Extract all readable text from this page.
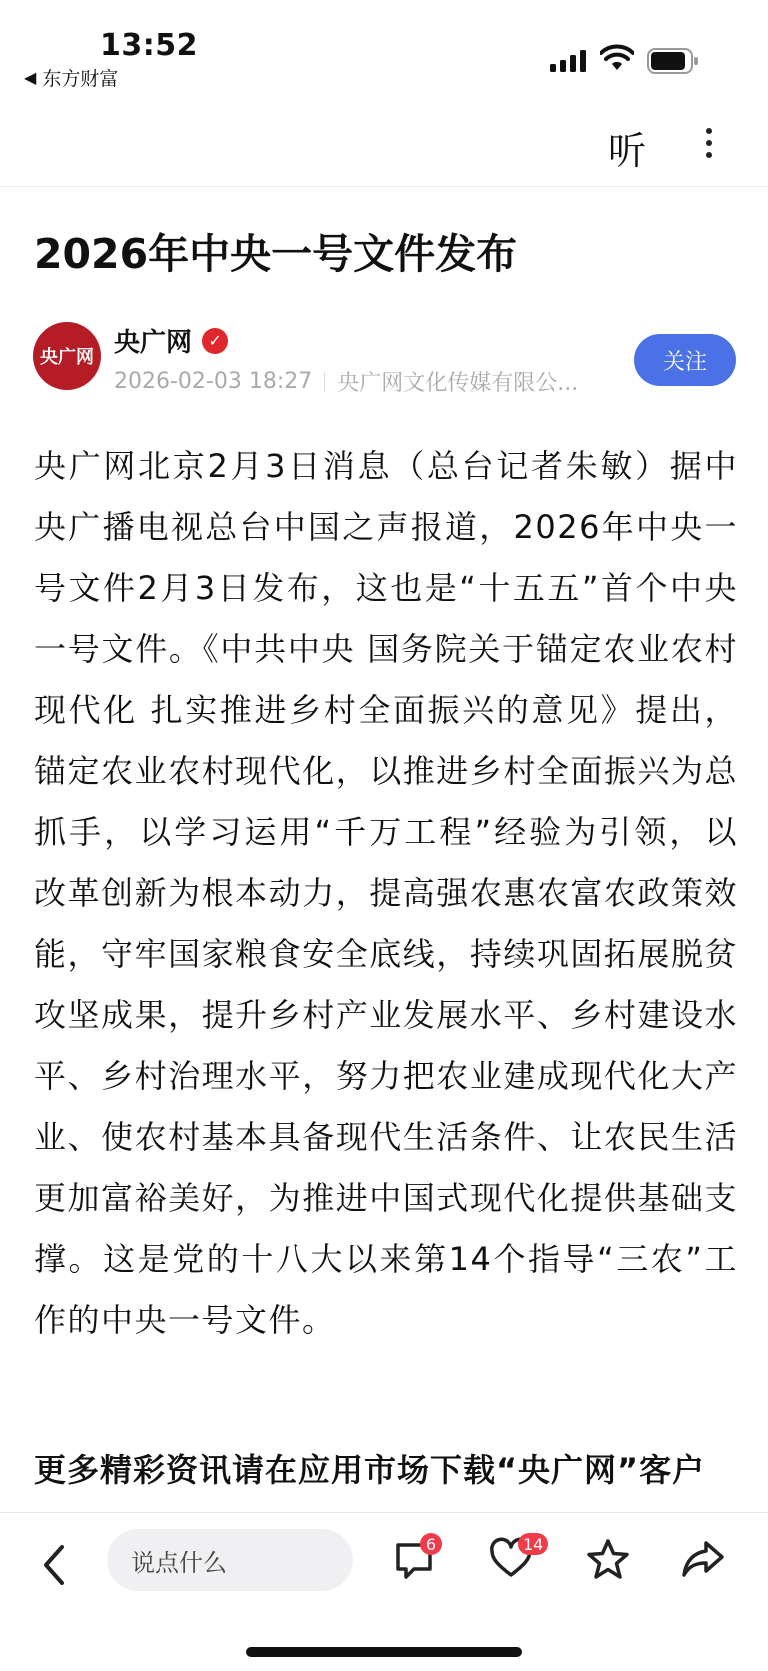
13:52
◀ 东方财富
听
2026年中央一号文件发布
央广网 央广网	✓
2026-02-03 18:27 央广网文化传媒有限公...
关注
央广网北京2月3日消息（总台记者朱敏）据中央广播电视总台中国之声报道，2026年中央一号文件2月3日发布，这也是“十五五”首个中央一号文件。《中共中央 国务院关于锚定农业农村现代化 扎实推进乡村全面振兴的意见》提出，锚定农业农村现代化，以推进乡村全面振兴为总抓手，以学习运用“千万工程”经验为引领，以改革创新为根本动力，提高强农惠农富农政策效能，守牢国家粮食安全底线，持续巩固拓展脱贫攻坚成果，提升乡村产业发展水平、乡村建设水平、乡村治理水平，努力把农业建成现代化大产业、使农村基本具备现代生活条件、让农民生活更加富裕美好，为推进中国式现代化提供基础支撑。这是党的十八大以来第14个指导“三农”工作的中央一号文件。
更多精彩资讯请在应用市场下载“央广网”客户
说点什么
6	14
